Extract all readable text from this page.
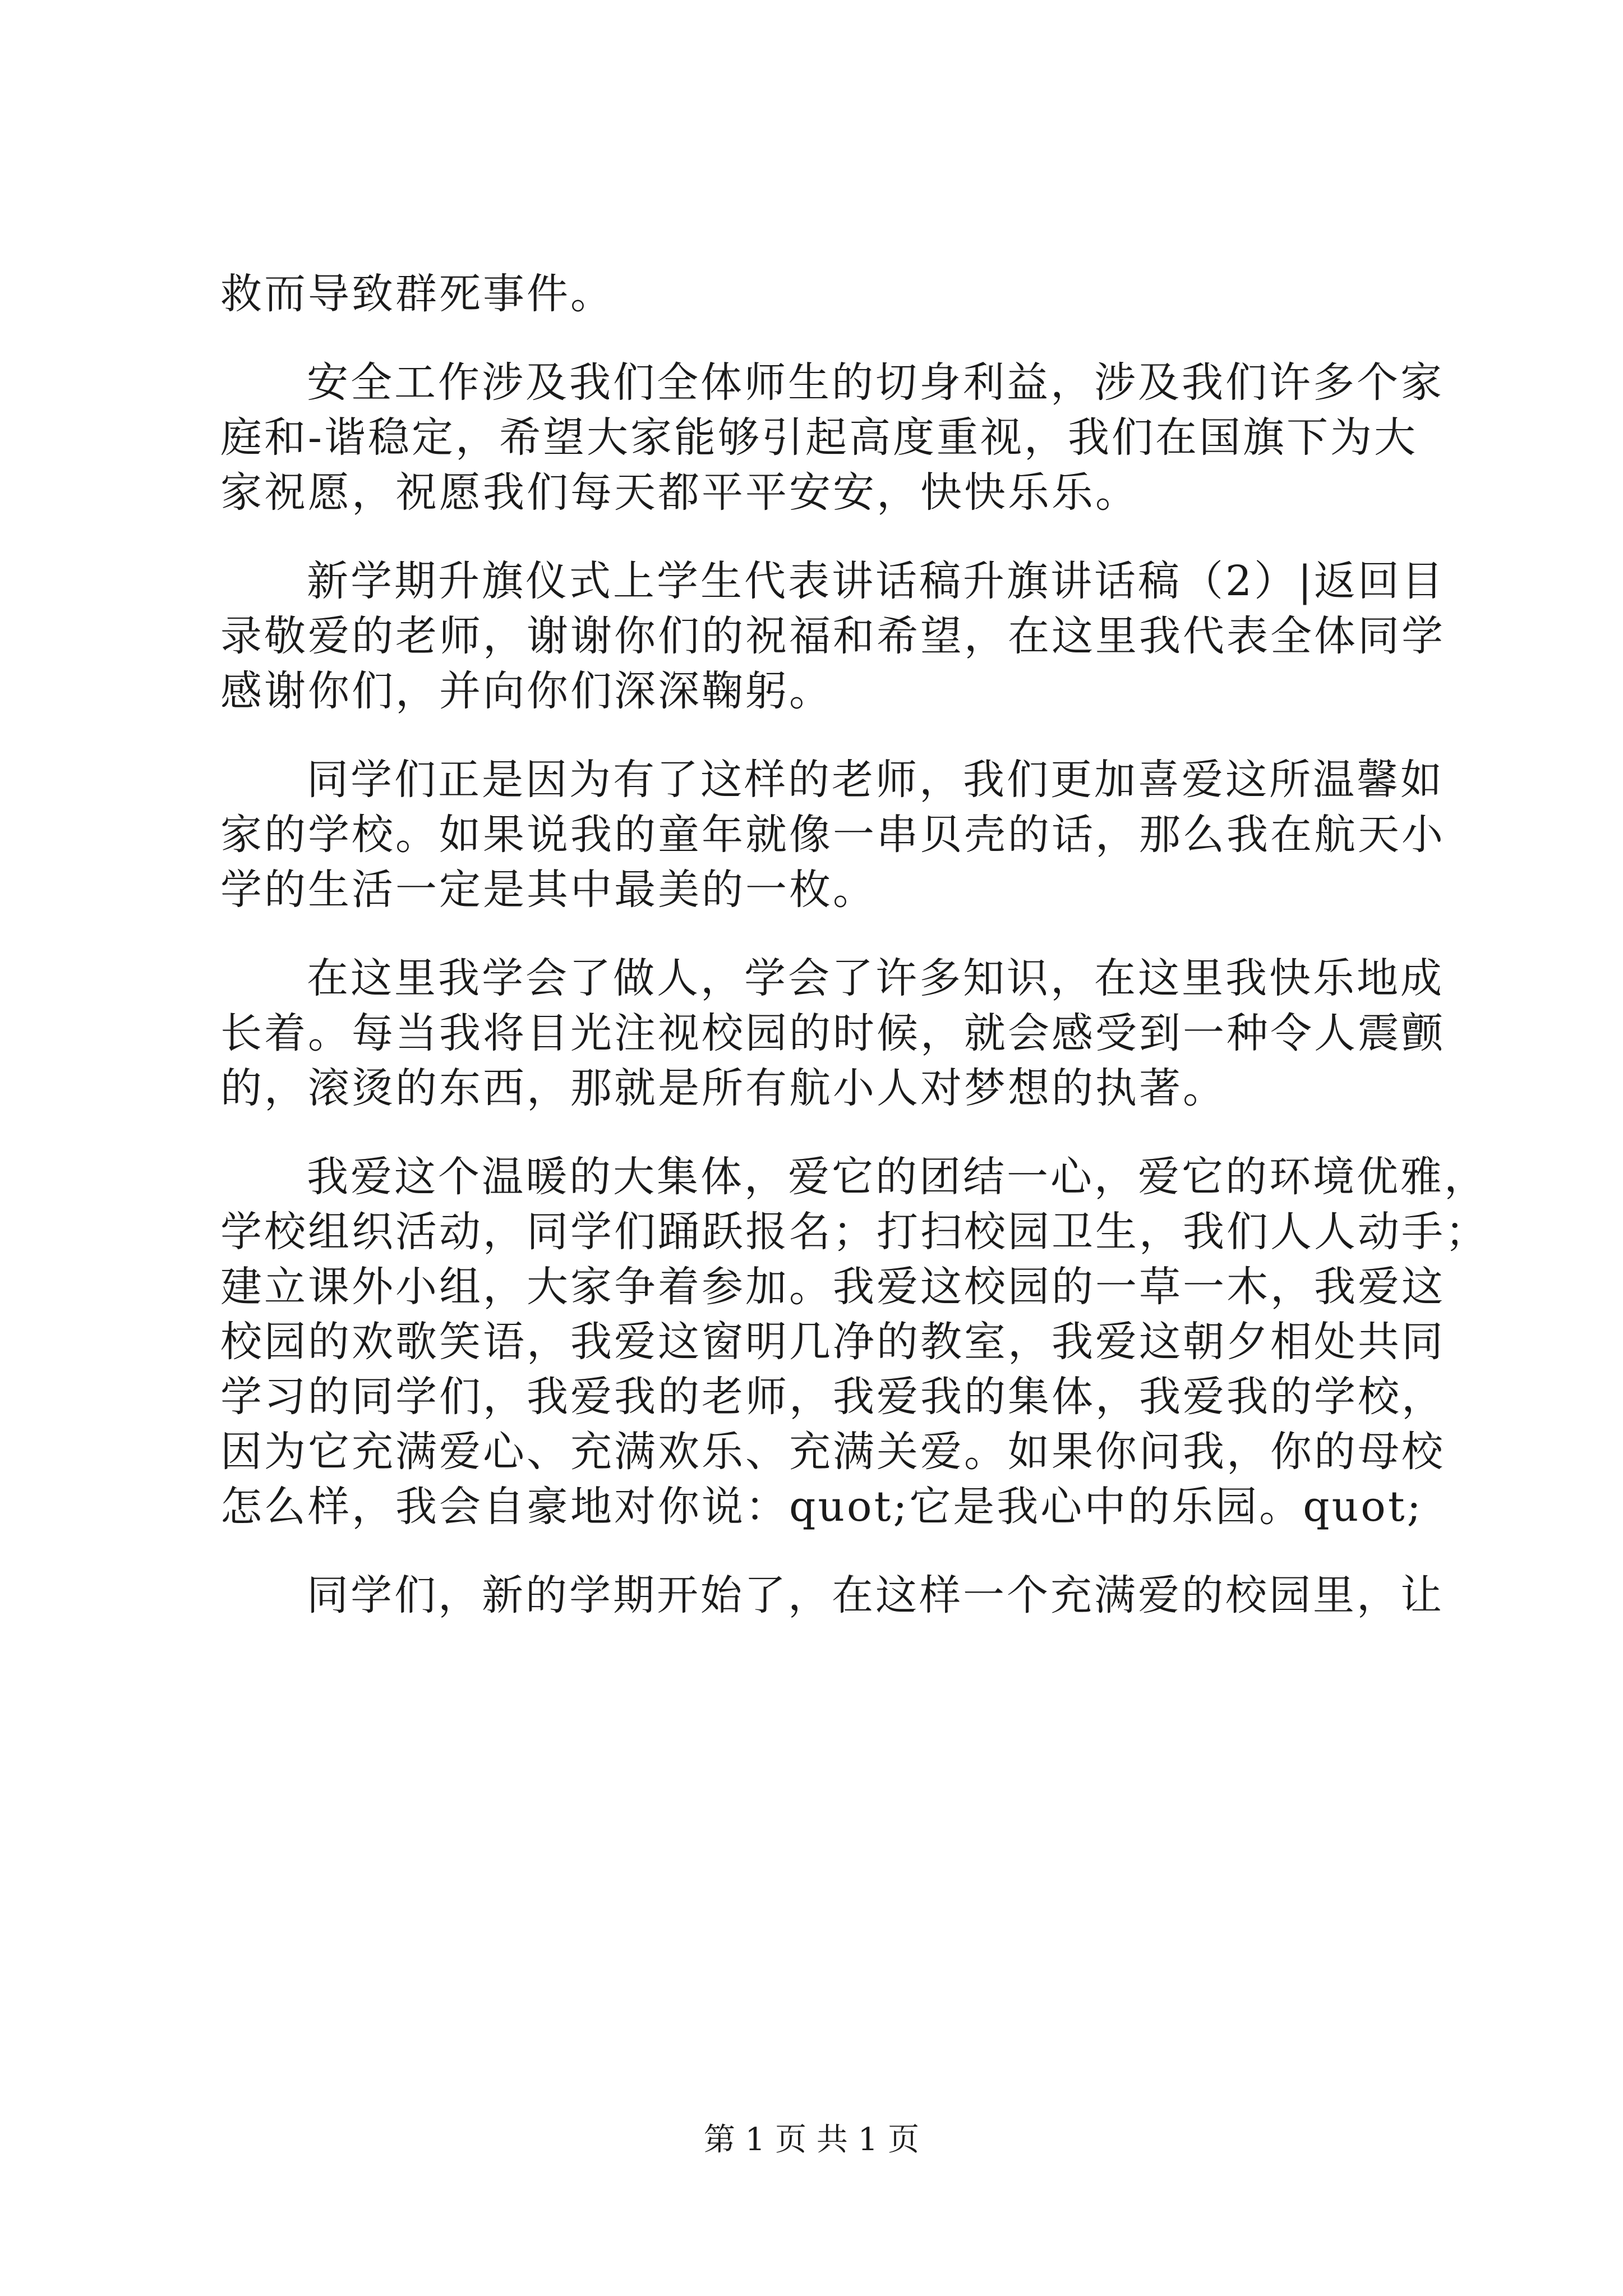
救而导致群死事件。
安全工作涉及我们全体师生的切身利益，涉及我们许多个家
庭和-谐稳定，希望大家能够引起高度重视，我们在国旗下为大
家祝愿，祝愿我们每天都平平安安，快快乐乐。
新学期升旗仪式上学生代表讲话稿升旗讲话稿（2）|返回目
录敬爱的老师，谢谢你们的祝福和希望，在这里我代表全体同学
感谢你们，并向你们深深鞠躬。
同学们正是因为有了这样的老师，我们更加喜爱这所温馨如
家的学校。如果说我的童年就像一串贝壳的话，那么我在航天小
学的生活一定是其中最美的一枚。
在这里我学会了做人，学会了许多知识，在这里我快乐地成
长着。每当我将目光注视校园的时候，就会感受到一种令人震颤
的，滚烫的东西，那就是所有航小人对梦想的执著。
我爱这个温暖的大集体，爱它的团结一心，爱它的环境优雅，
学校组织活动，同学们踊跃报名；打扫校园卫生，我们人人动手；
建立课外小组，大家争着参加。我爱这校园的一草一木，我爱这
校园的欢歌笑语，我爱这窗明几净的教室，我爱这朝夕相处共同
学习的同学们，我爱我的老师，我爱我的集体，我爱我的学校，
因为它充满爱心、充满欢乐、充满关爱。如果你问我，你的母校
怎么样，我会自豪地对你说：quot;它是我心中的乐园。quot;
同学们，新的学期开始了，在这样一个充满爱的校园里，让
第 1 页 共 1 页
